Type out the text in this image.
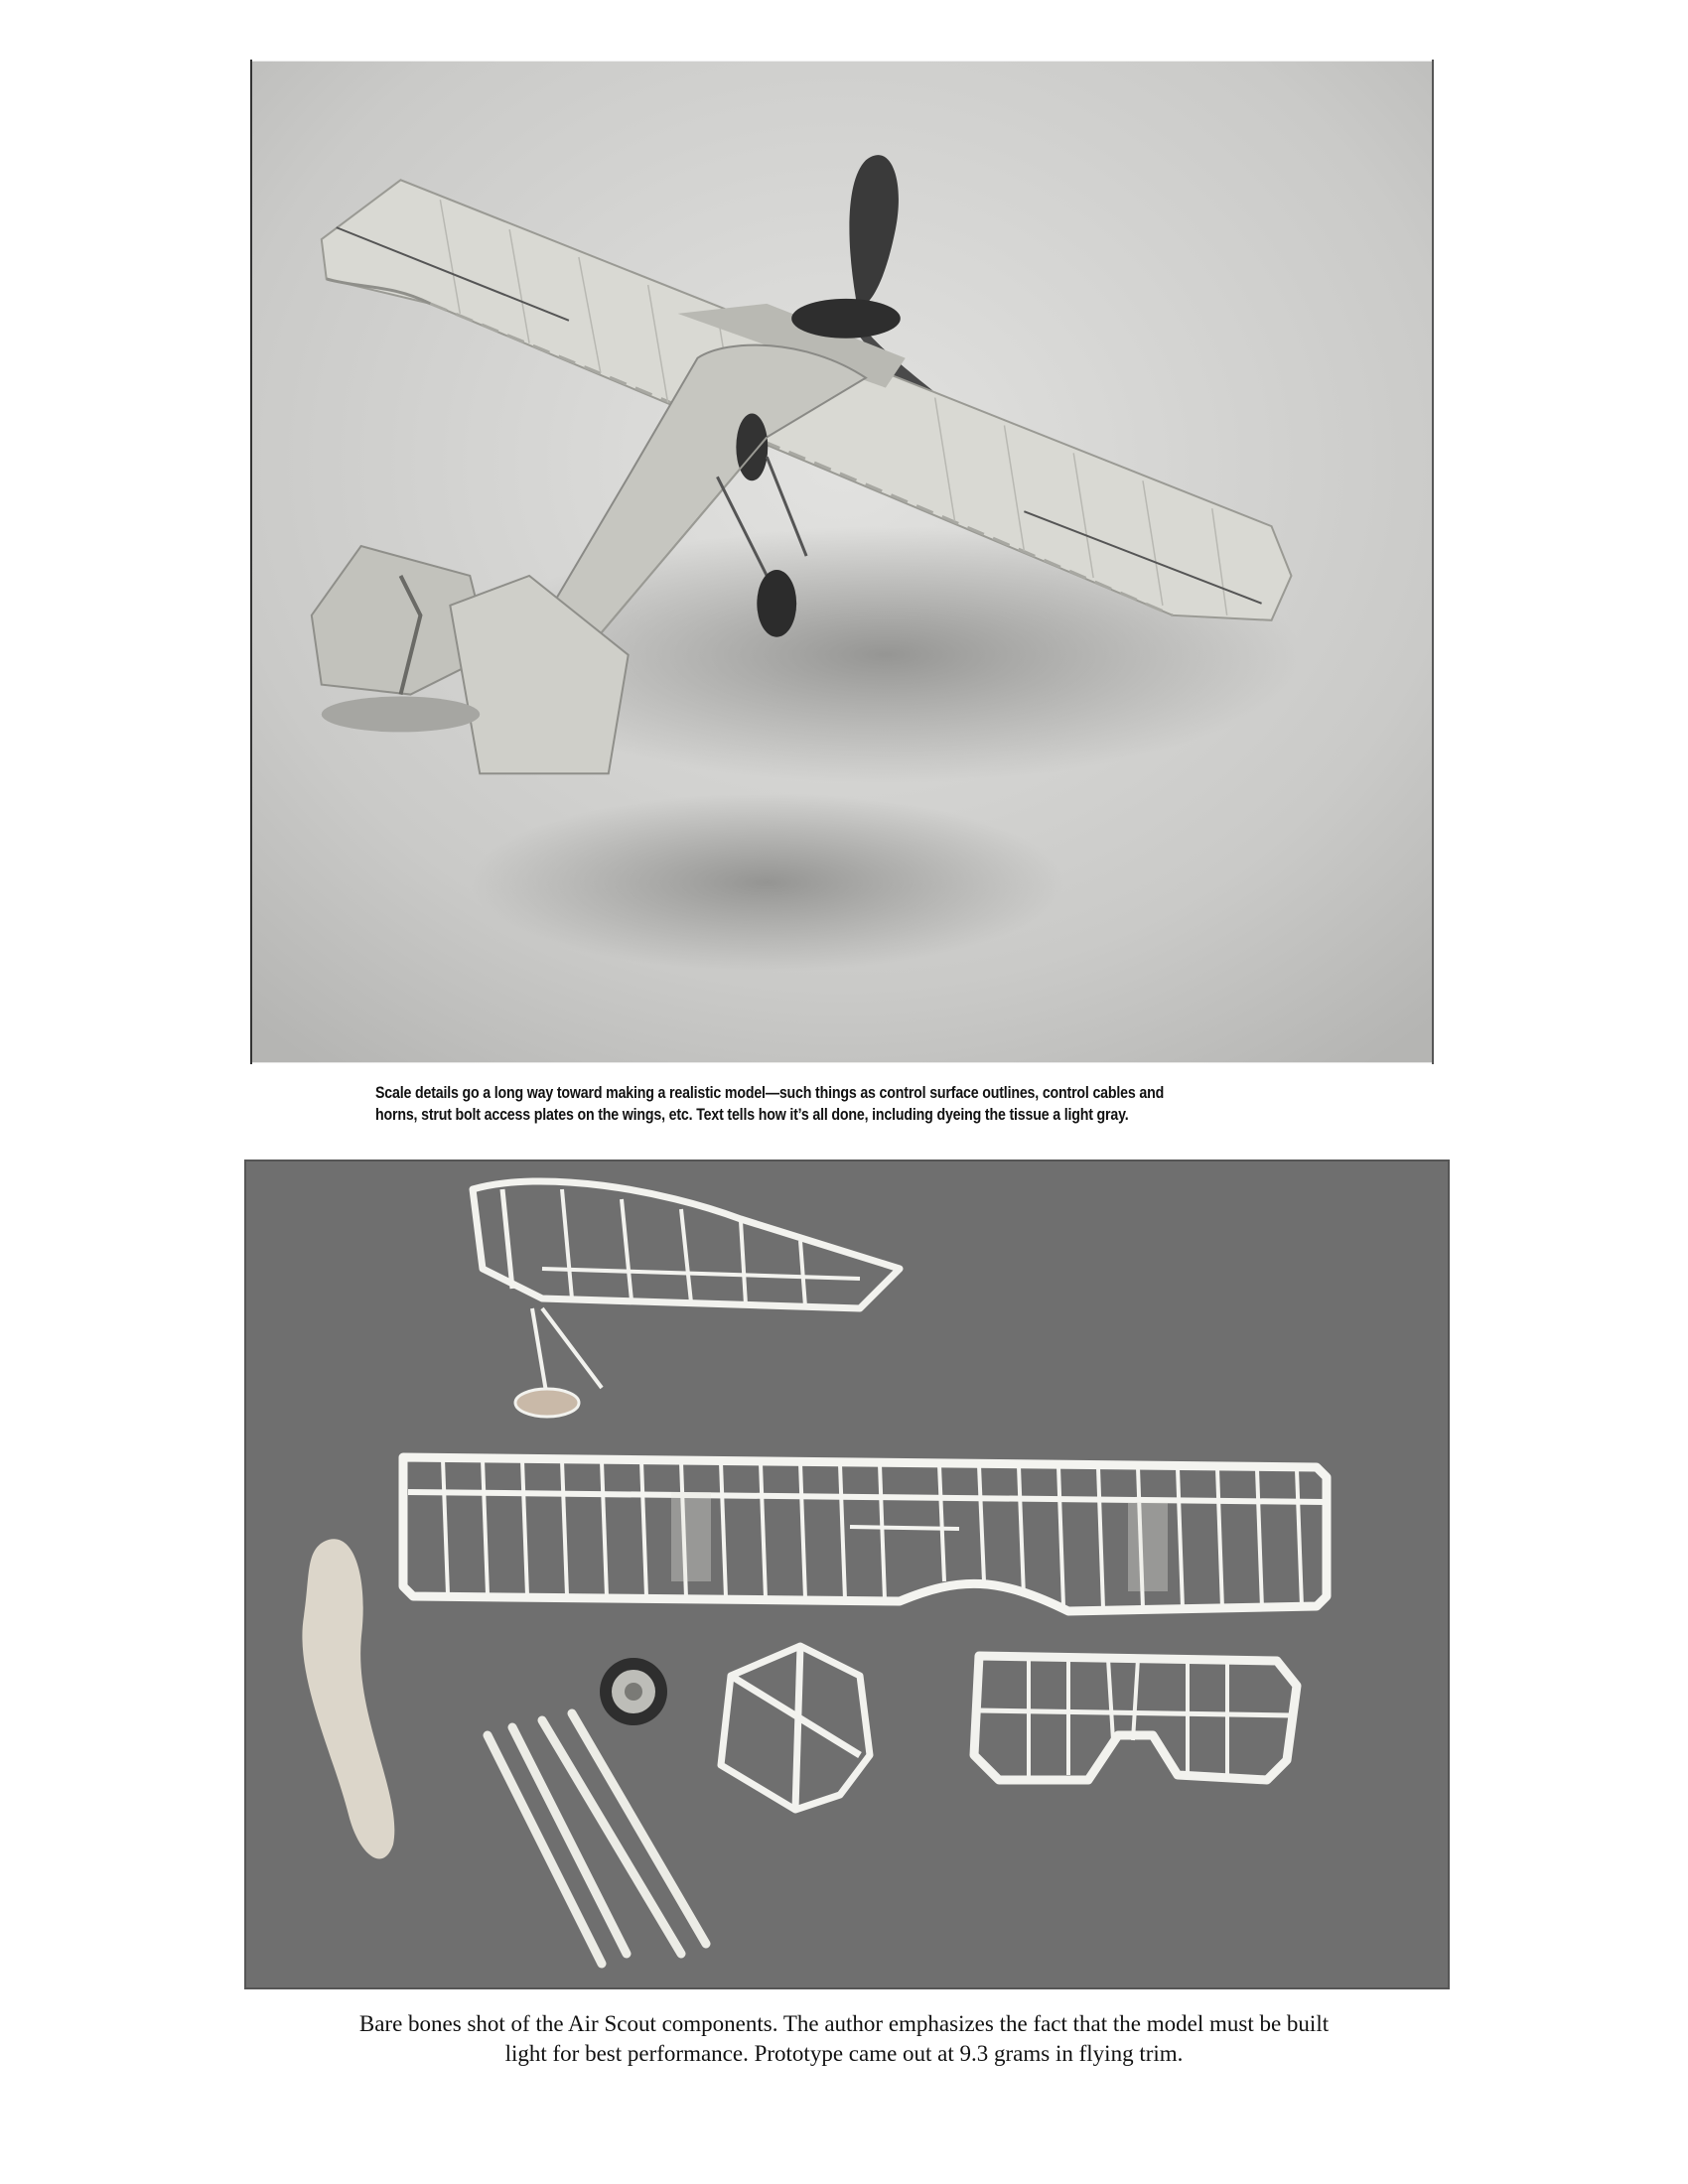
Scale details go a long way toward making a realistic model—such things as control surface outlines, control cables and
horns, strut bolt access plates on the wings, etc. Text tells how it’s all done, including dyeing the tissue a light gray.
Bare bones shot of the Air Scout components. The author emphasizes the fact that the model must be built
light for best performance. Prototype came out at 9.3 grams in flying trim.
